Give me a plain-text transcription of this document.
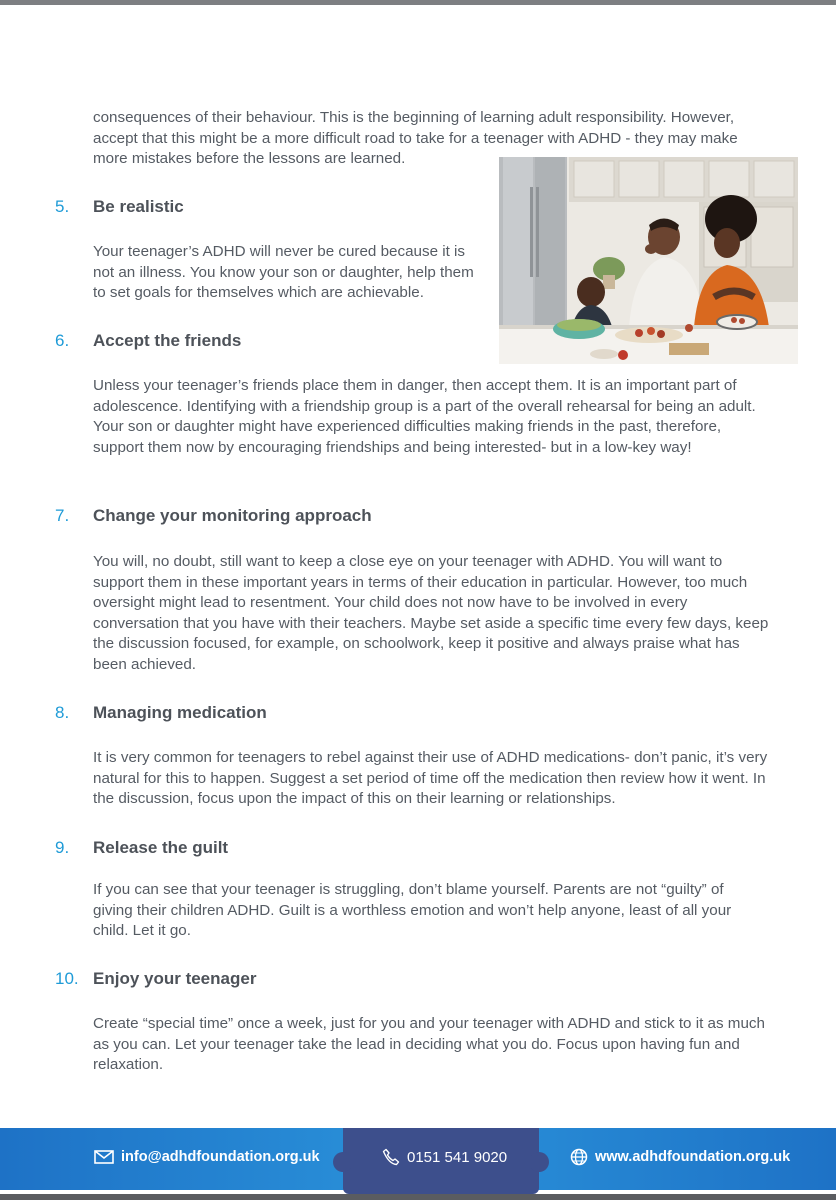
consequences of their behaviour. This is the beginning of learning adult responsibility. However, accept that this might be a more difficult road to take for a teenager with ADHD - they may make more mistakes before the lessons are learned.

5. Be realistic

Your teenager’s ADHD will never be cured because it is not an illness. You know your son or daughter, help them to set goals for themselves which are achievable.

6. Accept the friends

Unless your teenager’s friends place them in danger, then accept them. It is an important part of adolescence. Identifying with a friendship group is a part of the overall rehearsal for being an adult. Your son or daughter might have experienced difficulties making friends in the past, therefore, support them now by encouraging friendships and being interested- but in a low-key way!

7. Change your monitoring approach

You will, no doubt, still want to keep a close eye on your teenager with ADHD. You will want to support them in these important years in terms of their education in particular. However, too much oversight might lead to resentment. Your child does not now have to be involved in every conversation that you have with their teachers. Maybe set aside a specific time every few days, keep the discussion focused, for example, on schoolwork, keep it positive and always praise what has been achieved.

8. Managing medication

It is very common for teenagers to rebel against their use of ADHD medications- don’t panic, it’s very natural for this to happen. Suggest a set period of time off the medication then review how it went. In the discussion, focus upon the impact of this on their learning or relationships.

9. Release the guilt

If you can see that your teenager is struggling, don’t blame yourself. Parents are not “guilty” of giving their children ADHD. Guilt is a worthless emotion and won’t help anyone, least of all your child. Let it go.

10. Enjoy your teenager

Create “special time” once a week, just for you and your teenager with ADHD and stick to it as much as you can. Let your teenager take the lead in deciding what you do. Focus upon having fun and relaxation.

info@adhdfoundation.org.uk	0151 541 9020	www.adhdfoundation.org.uk
